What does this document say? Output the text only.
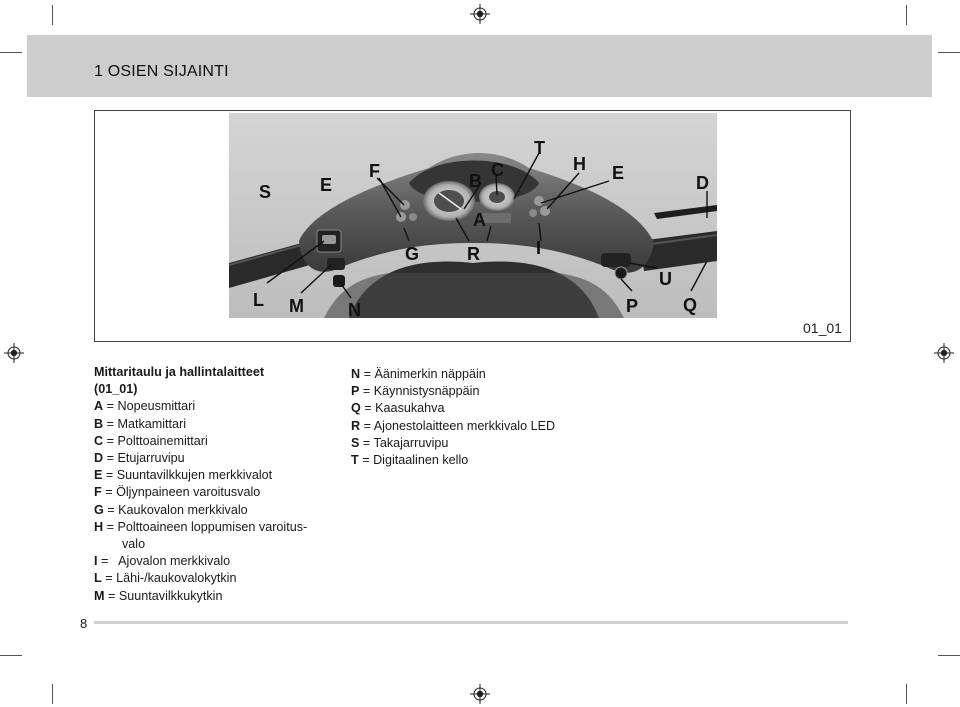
1 OSIEN SIJAINTI
S	E
F	B
C
T
H E	D
A
G	R	I
U
L M N	P Q
01_01
Mittaritaulu ja hallintalaitteet
(01_01)
A = Nopeusmittari
B = Matkamittari
C = Polttoainemittari
D = Etujarruvipu
E = Suuntavilkkujen merkkivalot
F = Öljynpaineen varoitusvalo
G = Kaukovalon merkkivalo
H = Polttoaineen loppumisen varoitus-
valo
I =   Ajovalon merkkivalo
L = Lähi-/kaukovalokytkin
M = Suuntavilkkukytkin
N = Äänimerkin näppäin
P = Käynnistysnäppäin
Q = Kaasukahva
R = Ajonestolaitteen merkkivalo LED
S = Takajarruvipu
T = Digitaalinen kello
8
